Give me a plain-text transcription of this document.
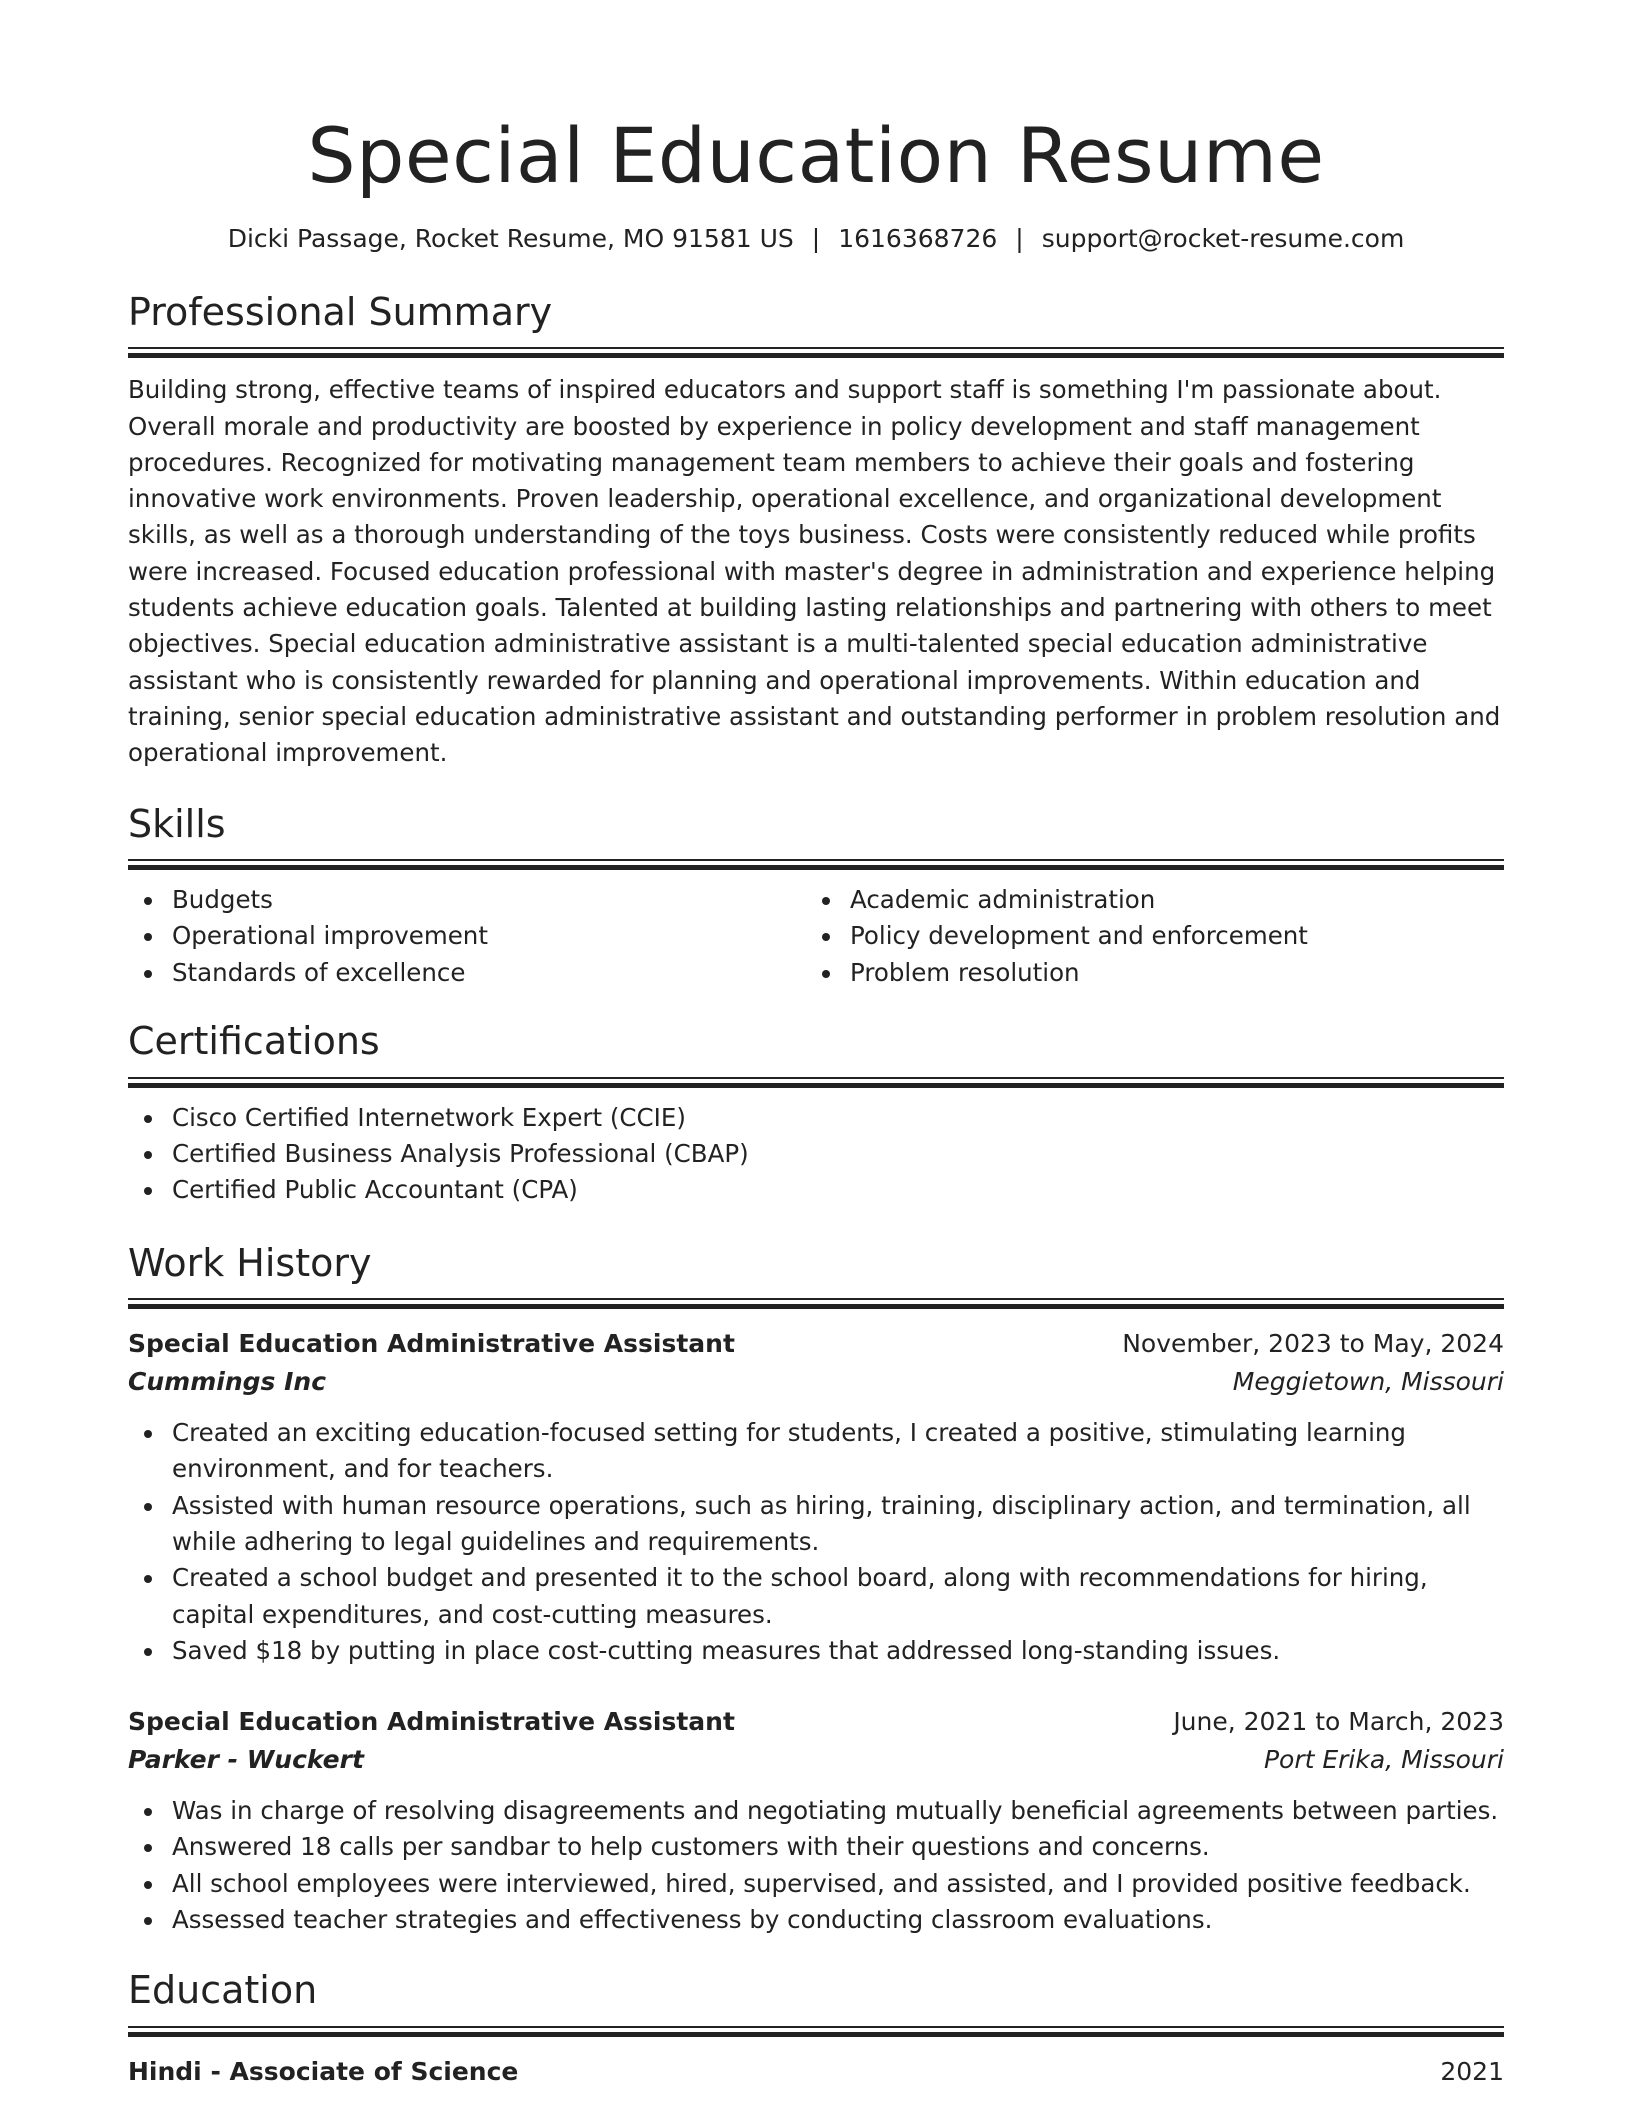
Special Education Resume
Dicki Passage, Rocket Resume, MO 91581 US | 1616368726 | support@rocket-resume.com
Professional Summary
Building strong, effective teams of inspired educators and support staff is something I'm passionate about. Overall morale and productivity are boosted by experience in policy development and staff management procedures. Recognized for motivating management team members to achieve their goals and fostering innovative work environments. Proven leadership, operational excellence, and organizational development skills, as well as a thorough understanding of the toys business. Costs were consistently reduced while profits were increased. Focused education professional with master's degree in administration and experience helping students achieve education goals. Talented at building lasting relationships and partnering with others to meet objectives. Special education administrative assistant is a multi-talented special education administrative assistant who is consistently rewarded for planning and operational improvements. Within education and training, senior special education administrative assistant and outstanding performer in problem resolution and operational improvement.
Skills
Budgets
Operational improvement
Standards of excellence
Academic administration
Policy development and enforcement
Problem resolution
Certifications
Cisco Certified Internetwork Expert (CCIE)
Certified Business Analysis Professional (CBAP)
Certified Public Accountant (CPA)
Work History
Special Education Administrative Assistant	November, 2023 to May, 2024
Cummings Inc	Meggietown, Missouri
Created an exciting education-focused setting for students, I created a positive, stimulating learning environment, and for teachers.
Assisted with human resource operations, such as hiring, training, disciplinary action, and termination, all while adhering to legal guidelines and requirements.
Created a school budget and presented it to the school board, along with recommendations for hiring, capital expenditures, and cost-cutting measures.
Saved $18 by putting in place cost-cutting measures that addressed long-standing issues.
Special Education Administrative Assistant	June, 2021 to March, 2023
Parker - Wuckert	Port Erika, Missouri
Was in charge of resolving disagreements and negotiating mutually beneficial agreements between parties.
Answered 18 calls per sandbar to help customers with their questions and concerns.
All school employees were interviewed, hired, supervised, and assisted, and I provided positive feedback.
Assessed teacher strategies and effectiveness by conducting classroom evaluations.
Education
Hindi - Associate of Science	2021
